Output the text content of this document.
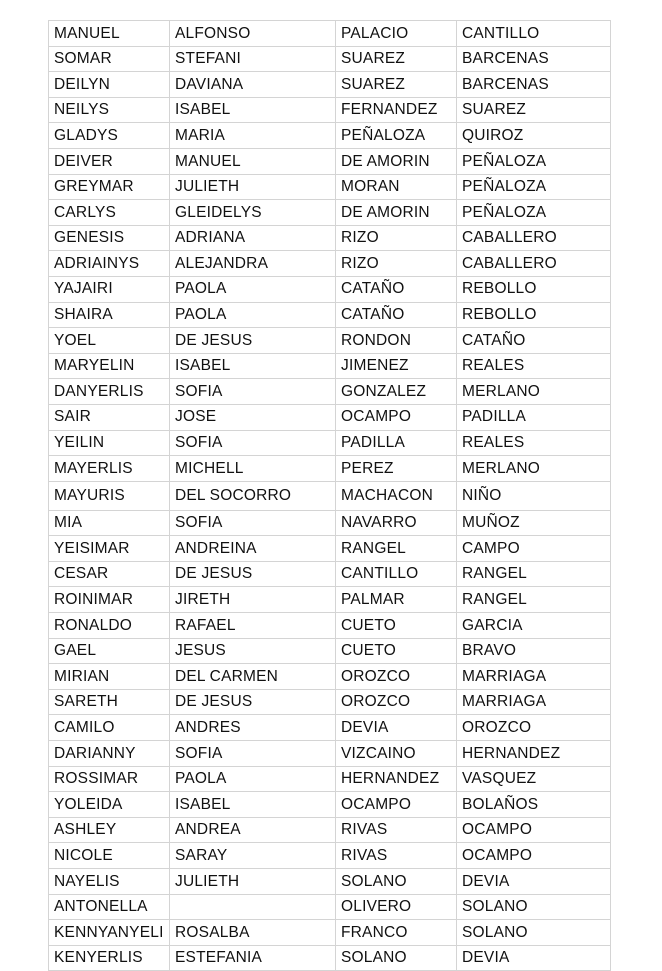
MANUEL	ALFONSO	PALACIO	CANTILLO
SOMAR	STEFANI	SUAREZ	BARCENAS
DEILYN	DAVIANA	SUAREZ	BARCENAS
NEILYS	ISABEL	FERNANDEZ	SUAREZ
GLADYS	MARIA	PEÑALOZA	QUIROZ
DEIVER	MANUEL	DE AMORIN	PEÑALOZA
GREYMAR	JULIETH	MORAN	PEÑALOZA
CARLYS	GLEIDELYS	DE AMORIN	PEÑALOZA
GENESIS	ADRIANA	RIZO	CABALLERO
ADRIAINYS	ALEJANDRA	RIZO	CABALLERO
YAJAIRI	PAOLA	CATAÑO	REBOLLO
SHAIRA	PAOLA	CATAÑO	REBOLLO
YOEL	DE JESUS	RONDON	CATAÑO
MARYELIN	ISABEL	JIMENEZ	REALES
DANYERLIS	SOFIA	GONZALEZ	MERLANO
SAIR	JOSE	OCAMPO	PADILLA
YEILIN	SOFIA	PADILLA	REALES
MAYERLIS	MICHELL	PEREZ	MERLANO
MAYURIS	DEL SOCORRO	MACHACON	NIÑO
MIA	SOFIA	NAVARRO	MUÑOZ
YEISIMAR	ANDREINA	RANGEL	CAMPO
CESAR	DE JESUS	CANTILLO	RANGEL
ROINIMAR	JIRETH	PALMAR	RANGEL
RONALDO	RAFAEL	CUETO	GARCIA
GAEL	JESUS	CUETO	BRAVO
MIRIAN	DEL CARMEN	OROZCO	MARRIAGA
SARETH	DE JESUS	OROZCO	MARRIAGA
CAMILO	ANDRES	DEVIA	OROZCO
DARIANNY	SOFIA	VIZCAINO	HERNANDEZ
ROSSIMAR	PAOLA	HERNANDEZ	VASQUEZ
YOLEIDA	ISABEL	OCAMPO	BOLAÑOS
ASHLEY	ANDREA	RIVAS	OCAMPO
NICOLE	SARAY	RIVAS	OCAMPO
NAYELIS	JULIETH	SOLANO	DEVIA
ANTONELLA		OLIVERO	SOLANO
KENNYANYELI	ROSALBA	FRANCO	SOLANO
KENYERLIS	ESTEFANIA	SOLANO	DEVIA
